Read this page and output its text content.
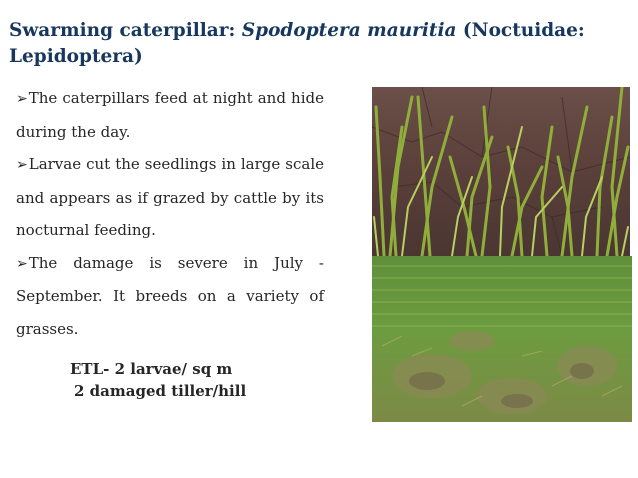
Swarming caterpillar: Spodoptera mauritia (Noctuidae: Lepidoptera)

➢The caterpillars feed at night and hide during the day.

➢Larvae cut the seedlings in large scale and appears as if grazed by cattle by its nocturnal feeding.

➢The damage is severe in July - September. It breeds on a variety of grasses.

ETL- 2 larvae/ sq m
2 damaged tiller/hill
